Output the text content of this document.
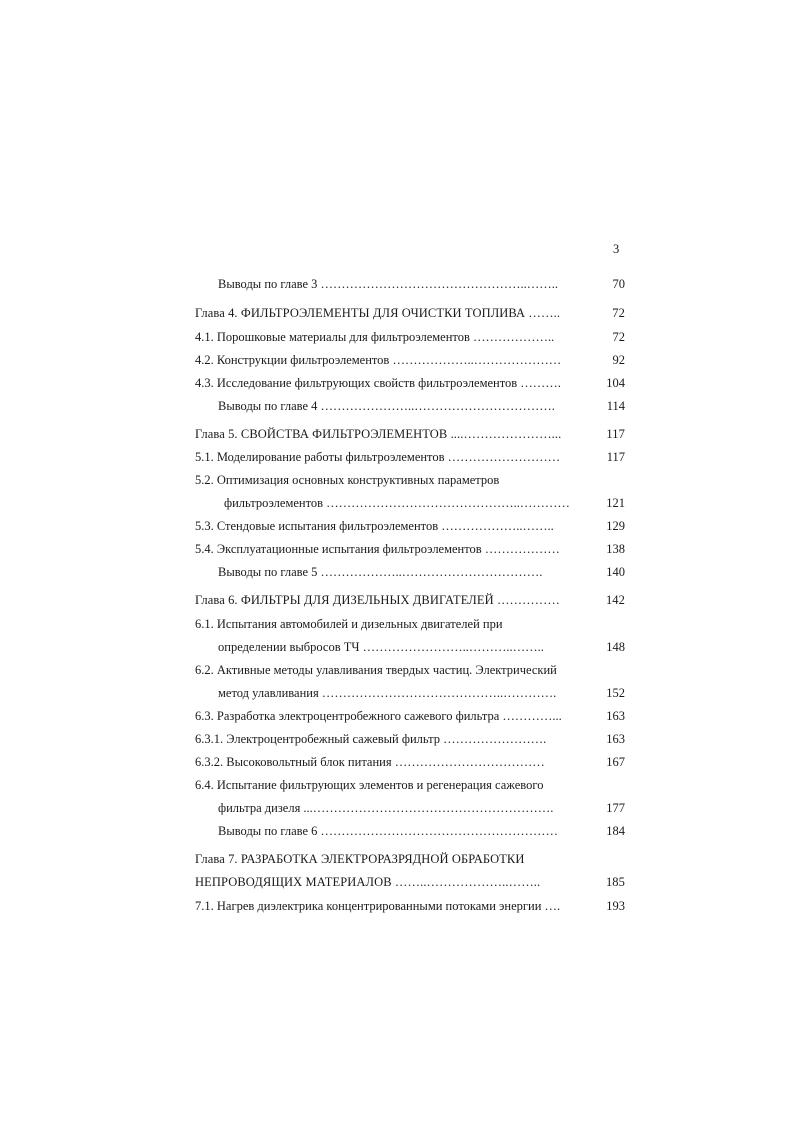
3
Выводы по главе 3 …………………………………………..……..	70
Глава 4. ФИЛЬТРОЭЛЕМЕНТЫ ДЛЯ ОЧИСТКИ ТОПЛИВА ……..	72
4.1. Порошковые материалы для фильтроэлементов ………………..	72
4.2. Конструкции фильтроэлементов ………………..…………………	92
4.3. Исследование фильтрующих свойств фильтроэлементов ……….	104
Выводы по главе 4 …………………..…………………………….	114
Глава 5. СВОЙСТВА ФИЛЬТРОЭЛЕМЕНТОВ ....…………………...	117
5.1. Моделирование работы фильтроэлементов ………………………	117
5.2. Оптимизация основных конструктивных параметров
фильтроэлементов ………………………………………..…………	121
5.3. Стендовые испытания фильтроэлементов ………………..……..	129
5.4. Эксплуатационные испытания фильтроэлементов ………………	138
Выводы по главе 5 ………………..…………………………….	140
Глава 6. ФИЛЬТРЫ ДЛЯ ДИЗЕЛЬНЫХ ДВИГАТЕЛЕЙ ……………	142
6.1. Испытания автомобилей и дизельных двигателей при
определении выбросов ТЧ ……………………..………..……..	148
6.2. Активные методы улавливания твердых частиц. Электрический
метод улавливания ……………………………………..………….	152
6.3. Разработка электроцентробежного сажевого фильтра …………...	163
6.3.1. Электроцентробежный сажевый фильтр …………………….	163
6.3.2. Высоковольтный блок питания ………………………………	167
6.4. Испытание фильтрующих элементов и регенерация сажевого
фильтра дизеля ...………………………………………………….	177
Выводы по главе 6 …………………………………………………	184
Глава 7. РАЗРАБОТКА ЭЛЕКТРОРАЗРЯДНОЙ ОБРАБОТКИ
НЕПРОВОДЯЩИХ МАТЕРИАЛОВ ……..………………..……..	185
7.1. Нагрев диэлектрика концентрированными потоками энергии ….	193
